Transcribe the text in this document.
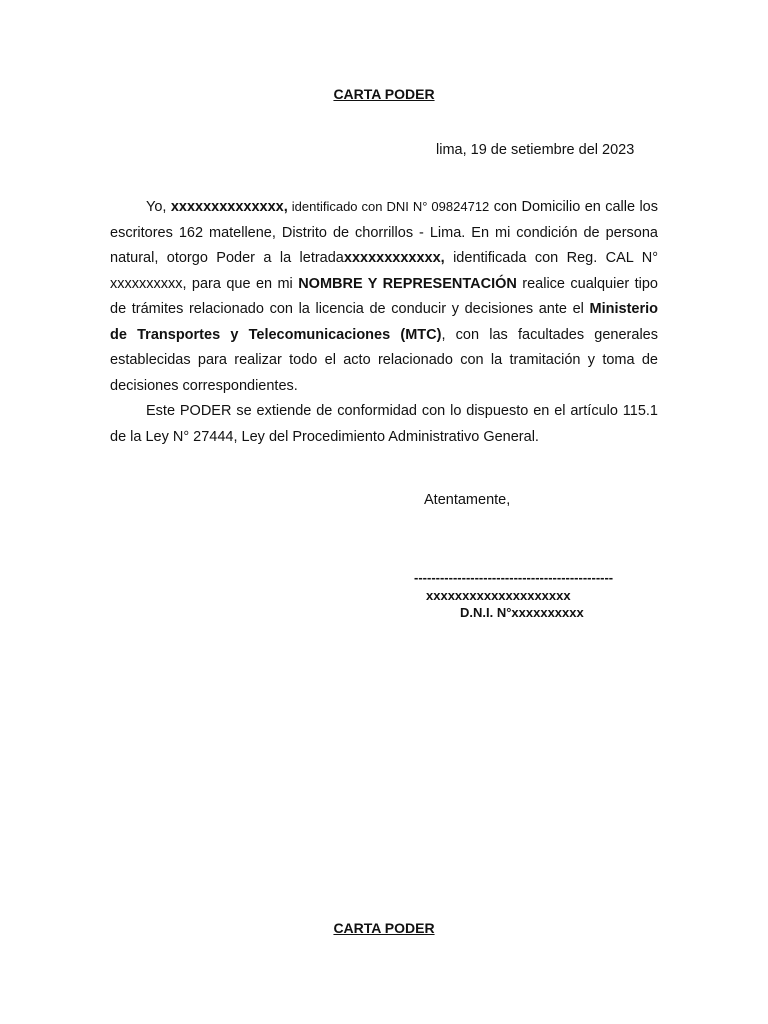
CARTA PODER
lima, 19 de setiembre del 2023

Yo, xxxxxxxxxxxxxx, identificado con DNI N° 09824712 con Domicilio en calle los escritores 162 matellene, Distrito de chorrillos - Lima. En mi condición de persona natural, otorgo Poder a la letradaxxxxxxxxxxxx, identificada con Reg. CAL N° xxxxxxxxxx, para que en mi NOMBRE Y REPRESENTACIÓN realice cualquier tipo de trámites relacionado con la licencia de conducir y decisiones ante el Ministerio de Transportes y Telecomunicaciones (MTC), con las facultades generales establecidas para realizar todo el acto relacionado con la tramitación y toma de decisiones correspondientes.

Este PODER se extiende de conformidad con lo dispuesto en el artículo 115.1 de la Ley N° 27444, Ley del Procedimiento Administrativo General.

Atentamente,
----------------------------------------------
xxxxxxxxxxxxxxxxxxxx
D.N.I. N°xxxxxxxxxx
CARTA PODER
